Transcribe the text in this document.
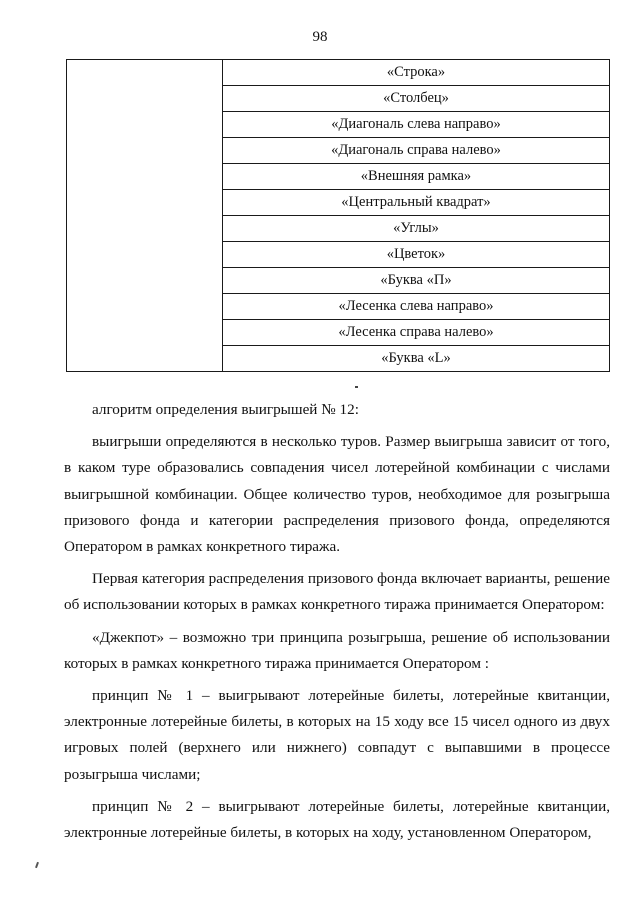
98
	«Строка»
«Столбец»
«Диагональ слева направо»
«Диагональ справа налево»
«Внешняя рамка»
«Центральный квадрат»
«Углы»
«Цветок»
«Буква «П»
«Лесенка слева направо»
«Лесенка справа налево»
«Буква «L»

алгоритм определения выигрышей № 12:

выигрыши определяются в несколько туров. Размер выигрыша зависит от того, в каком туре образовались совпадения чисел лотерейной комбинации с числами выигрышной комбинации. Общее количество туров, необходимое для розыгрыша призового фонда и категории распределения призового фонда, определяются Оператором в рамках конкретного тиража.

Первая категория распределения призового фонда включает варианты, решение об использовании которых в рамках конкретного тиража принимается Оператором:

«Джекпот» – возможно три принципа розыгрыша, решение об использовании которых в рамках конкретного тиража принимается Оператором :

принцип № 1 – выигрывают лотерейные билеты, лотерейные квитанции, электронные лотерейные билеты, в которых на 15 ходу все 15 чисел одного из двух игровых полей (верхнего или нижнего) совпадут с выпавшими в процессе розыгрыша числами;

принцип № 2 – выигрывают лотерейные билеты, лотерейные квитанции, электронные лотерейные билеты, в которых на ходу, установленном Оператором,
